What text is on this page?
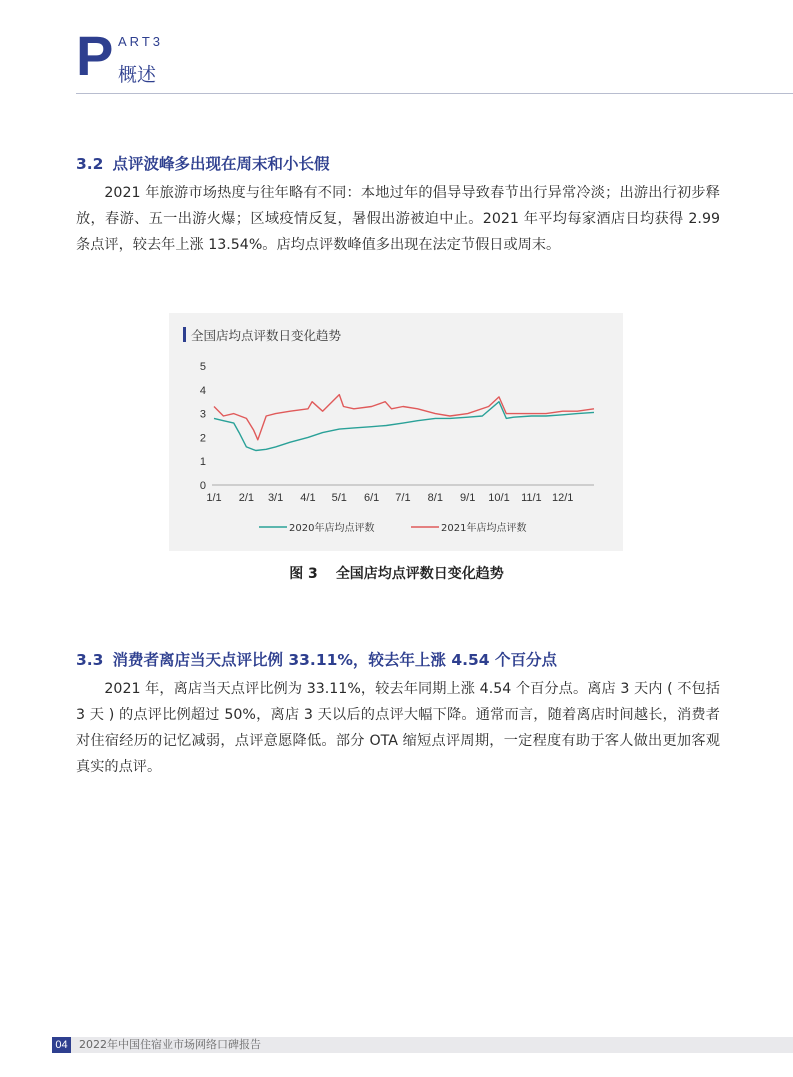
P ART3
概述
3.2 点评波峰多出现在周末和小长假

2021 年旅游市场热度与往年略有不同：本地过年的倡导导致春节出行异常冷淡；出游出行初步释放，春游、五一出游火爆；区域疫情反复，暑假出游被迫中止。2021 年平均每家酒店日均获得 2.99 条点评，较去年上涨 13.54%。店均点评数峰值多出现在法定节假日或周末。

全国店均点评数日变化趋势
0
1
2
3
4
5
1/1 2/1 3/1 4/1 5/1 6/1 7/1 8/1 9/1 10/1 11/1 12/1
2020年店均点评数	2021年店均点评数
图 3 全国店均点评数日变化趋势
3.3 消费者离店当天点评比例 33.11%，较去年上涨 4.54 个百分点

2021 年，离店当天点评比例为 33.11%，较去年同期上涨 4.54 个百分点。离店 3 天内 ( 不包括 3 天 ) 的点评比例超过 50%，离店 3 天以后的点评大幅下降。通常而言，随着离店时间越长，消费者对住宿经历的记忆减弱，点评意愿降低。部分 OTA 缩短点评周期，一定程度有助于客人做出更加客观真实的点评。

04	2022年中国住宿业市场网络口碑报告
